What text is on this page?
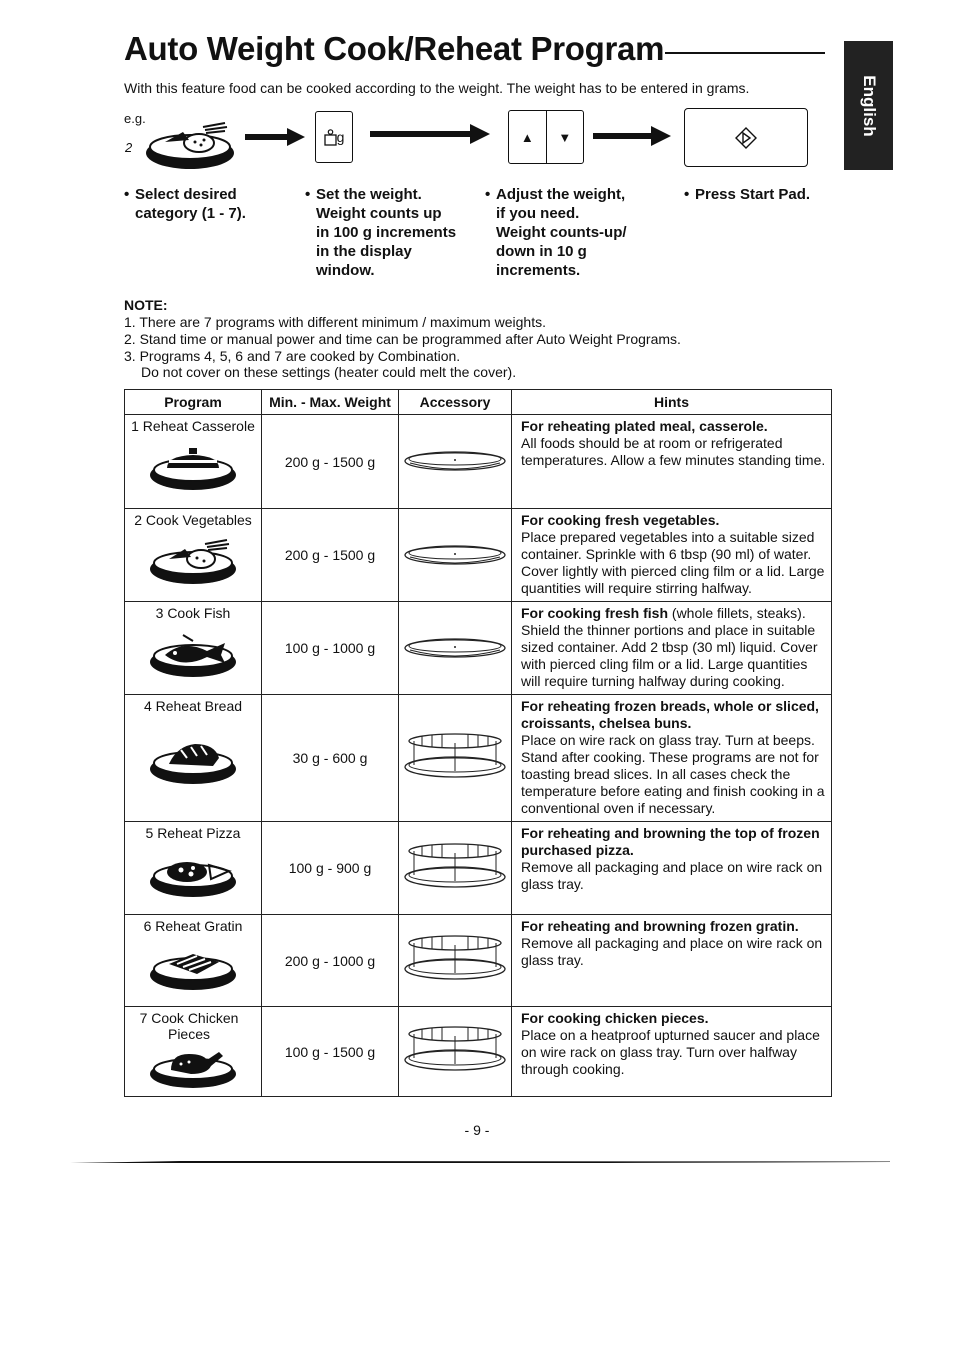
Auto Weight Cook/Reheat Program
English
With this feature food can be cooked according to the weight. The weight has to be entered in grams.
e.g.
2
g	▲	▼
• Select desired
category (1 - 7).
• Set the weight.
Weight counts up
in 100 g increments
in the display
window.
• Adjust the weight,
if you need.
Weight counts-up/
down in 10 g
increments.
• Press Start Pad.
NOTE:
1. There are 7 programs with different minimum / maximum weights.
2. Stand time or manual power and time can be programmed after Auto Weight Programs.
3. Programs 4, 5, 6 and 7 are cooked by Combination.
Do not cover on these settings (heater could melt the cover).
Program	Min. - Max. Weight	Accessory	Hints

1 Reheat Casserole	200 g - 1500 g		For reheating plated meal, casserole.
All foods should be at room or refrigerated temperatures. Allow a few minutes standing time.

2 Cook Vegetables	200 g - 1500 g		For cooking fresh vegetables.
Place prepared vegetables into a suitable sized container. Sprinkle with 6 tbsp (90 ml) of water. Cover lightly with pierced cling film or a lid. Large quantities will require stirring halfway.

3 Cook Fish	100 g - 1000 g		For cooking fresh fish (whole fillets, steaks).
Shield the thinner portions and place in suitable sized container. Add 2 tbsp (30 ml) liquid. Cover with pierced cling film or a lid. Large quantities will require turning halfway during cooking.

4 Reheat Bread	30 g - 600 g		For reheating frozen breads, whole or sliced, croissants, chelsea buns.
Place on wire rack on glass tray. Turn at beeps. Stand after cooking. These programs are not for toasting bread slices. In all cases check the temperature before eating and finish cooking in a conventional oven if necessary.

5 Reheat Pizza	100 g - 900 g		For reheating and browning the top of frozen purchased pizza.
Remove all packaging and place on wire rack on glass tray.

6 Reheat Gratin	200 g - 1000 g		For reheating and browning frozen gratin.
Remove all packaging and place on wire rack on glass tray.

7 Cook Chicken Pieces	100 g - 1500 g		For cooking chicken pieces.
Place on a heatproof upturned saucer and place on wire rack on glass tray. Turn over halfway through cooking.
- 9 -
